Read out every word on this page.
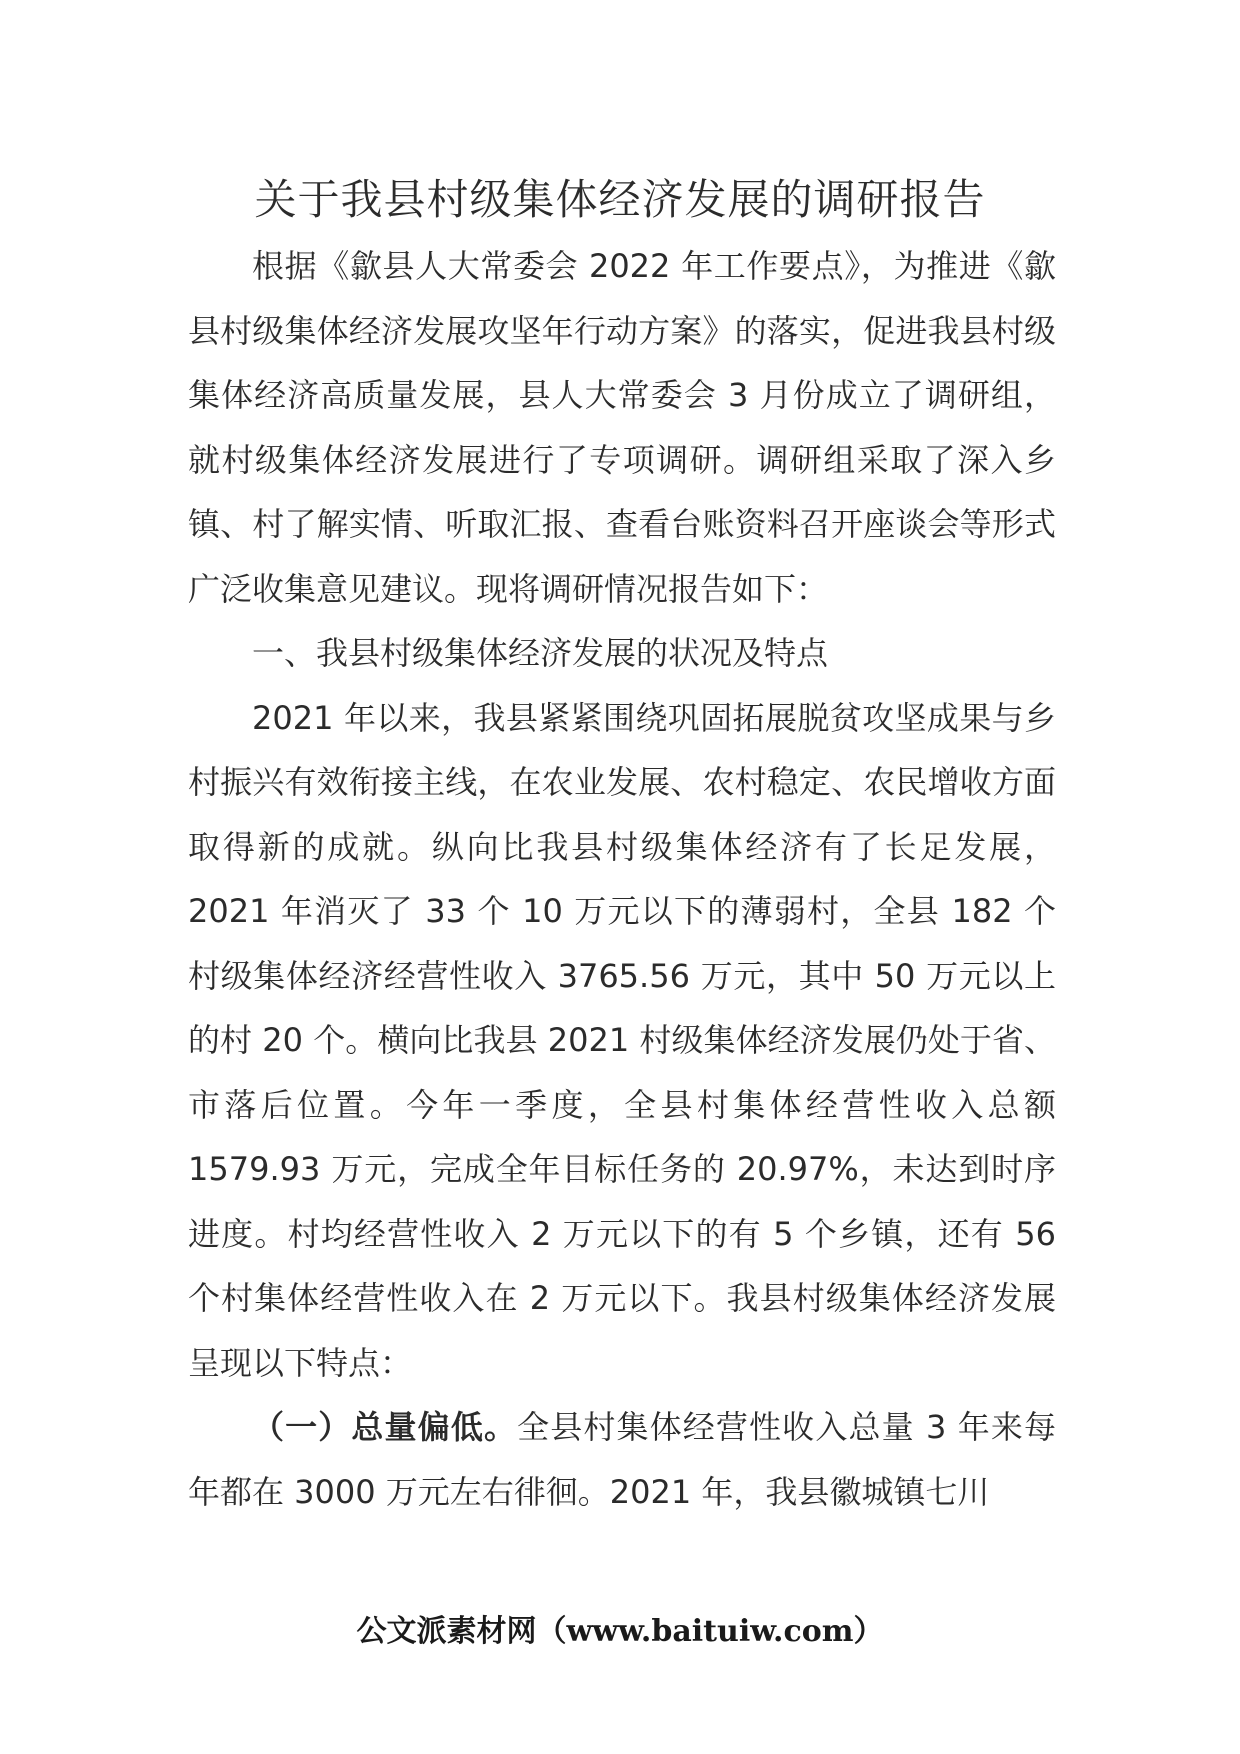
关于我县村级集体经济发展的调研报告

根据《歙县人大常委会 2022 年工作要点》，为推进《歙县村级集体经济发展攻坚年行动方案》的落实，促进我县村级集体经济高质量发展，县人大常委会 3 月份成立了调研组，就村级集体经济发展进行了专项调研。调研组采取了深入乡镇、村了解实情、听取汇报、查看台账资料召开座谈会等形式广泛收集意见建议。现将调研情况报告如下：

一、我县村级集体经济发展的状况及特点

2021 年以来，我县紧紧围绕巩固拓展脱贫攻坚成果与乡村振兴有效衔接主线，在农业发展、农村稳定、农民增收方面取得新的成就。纵向比我县村级集体经济有了长足发展，2021 年消灭了 33 个 10 万元以下的薄弱村，全县 182 个村级集体经济经营性收入 3765.56 万元，其中 50 万元以上的村 20 个。横向比我县 2021 村级集体经济发展仍处于省、市落后位置。今年一季度，全县村集体经营性收入总额 1579.93 万元，完成全年目标任务的 20.97%，未达到时序进度。村均经营性收入 2 万元以下的有 5 个乡镇，还有 56 个村集体经营性收入在 2 万元以下。我县村级集体经济发展呈现以下特点：

（一）总量偏低。全县村集体经营性收入总量 3 年来每年都在 3000 万元左右徘徊。2021 年，我县徽城镇七川

公文派素材网（www.baituiw.com）
